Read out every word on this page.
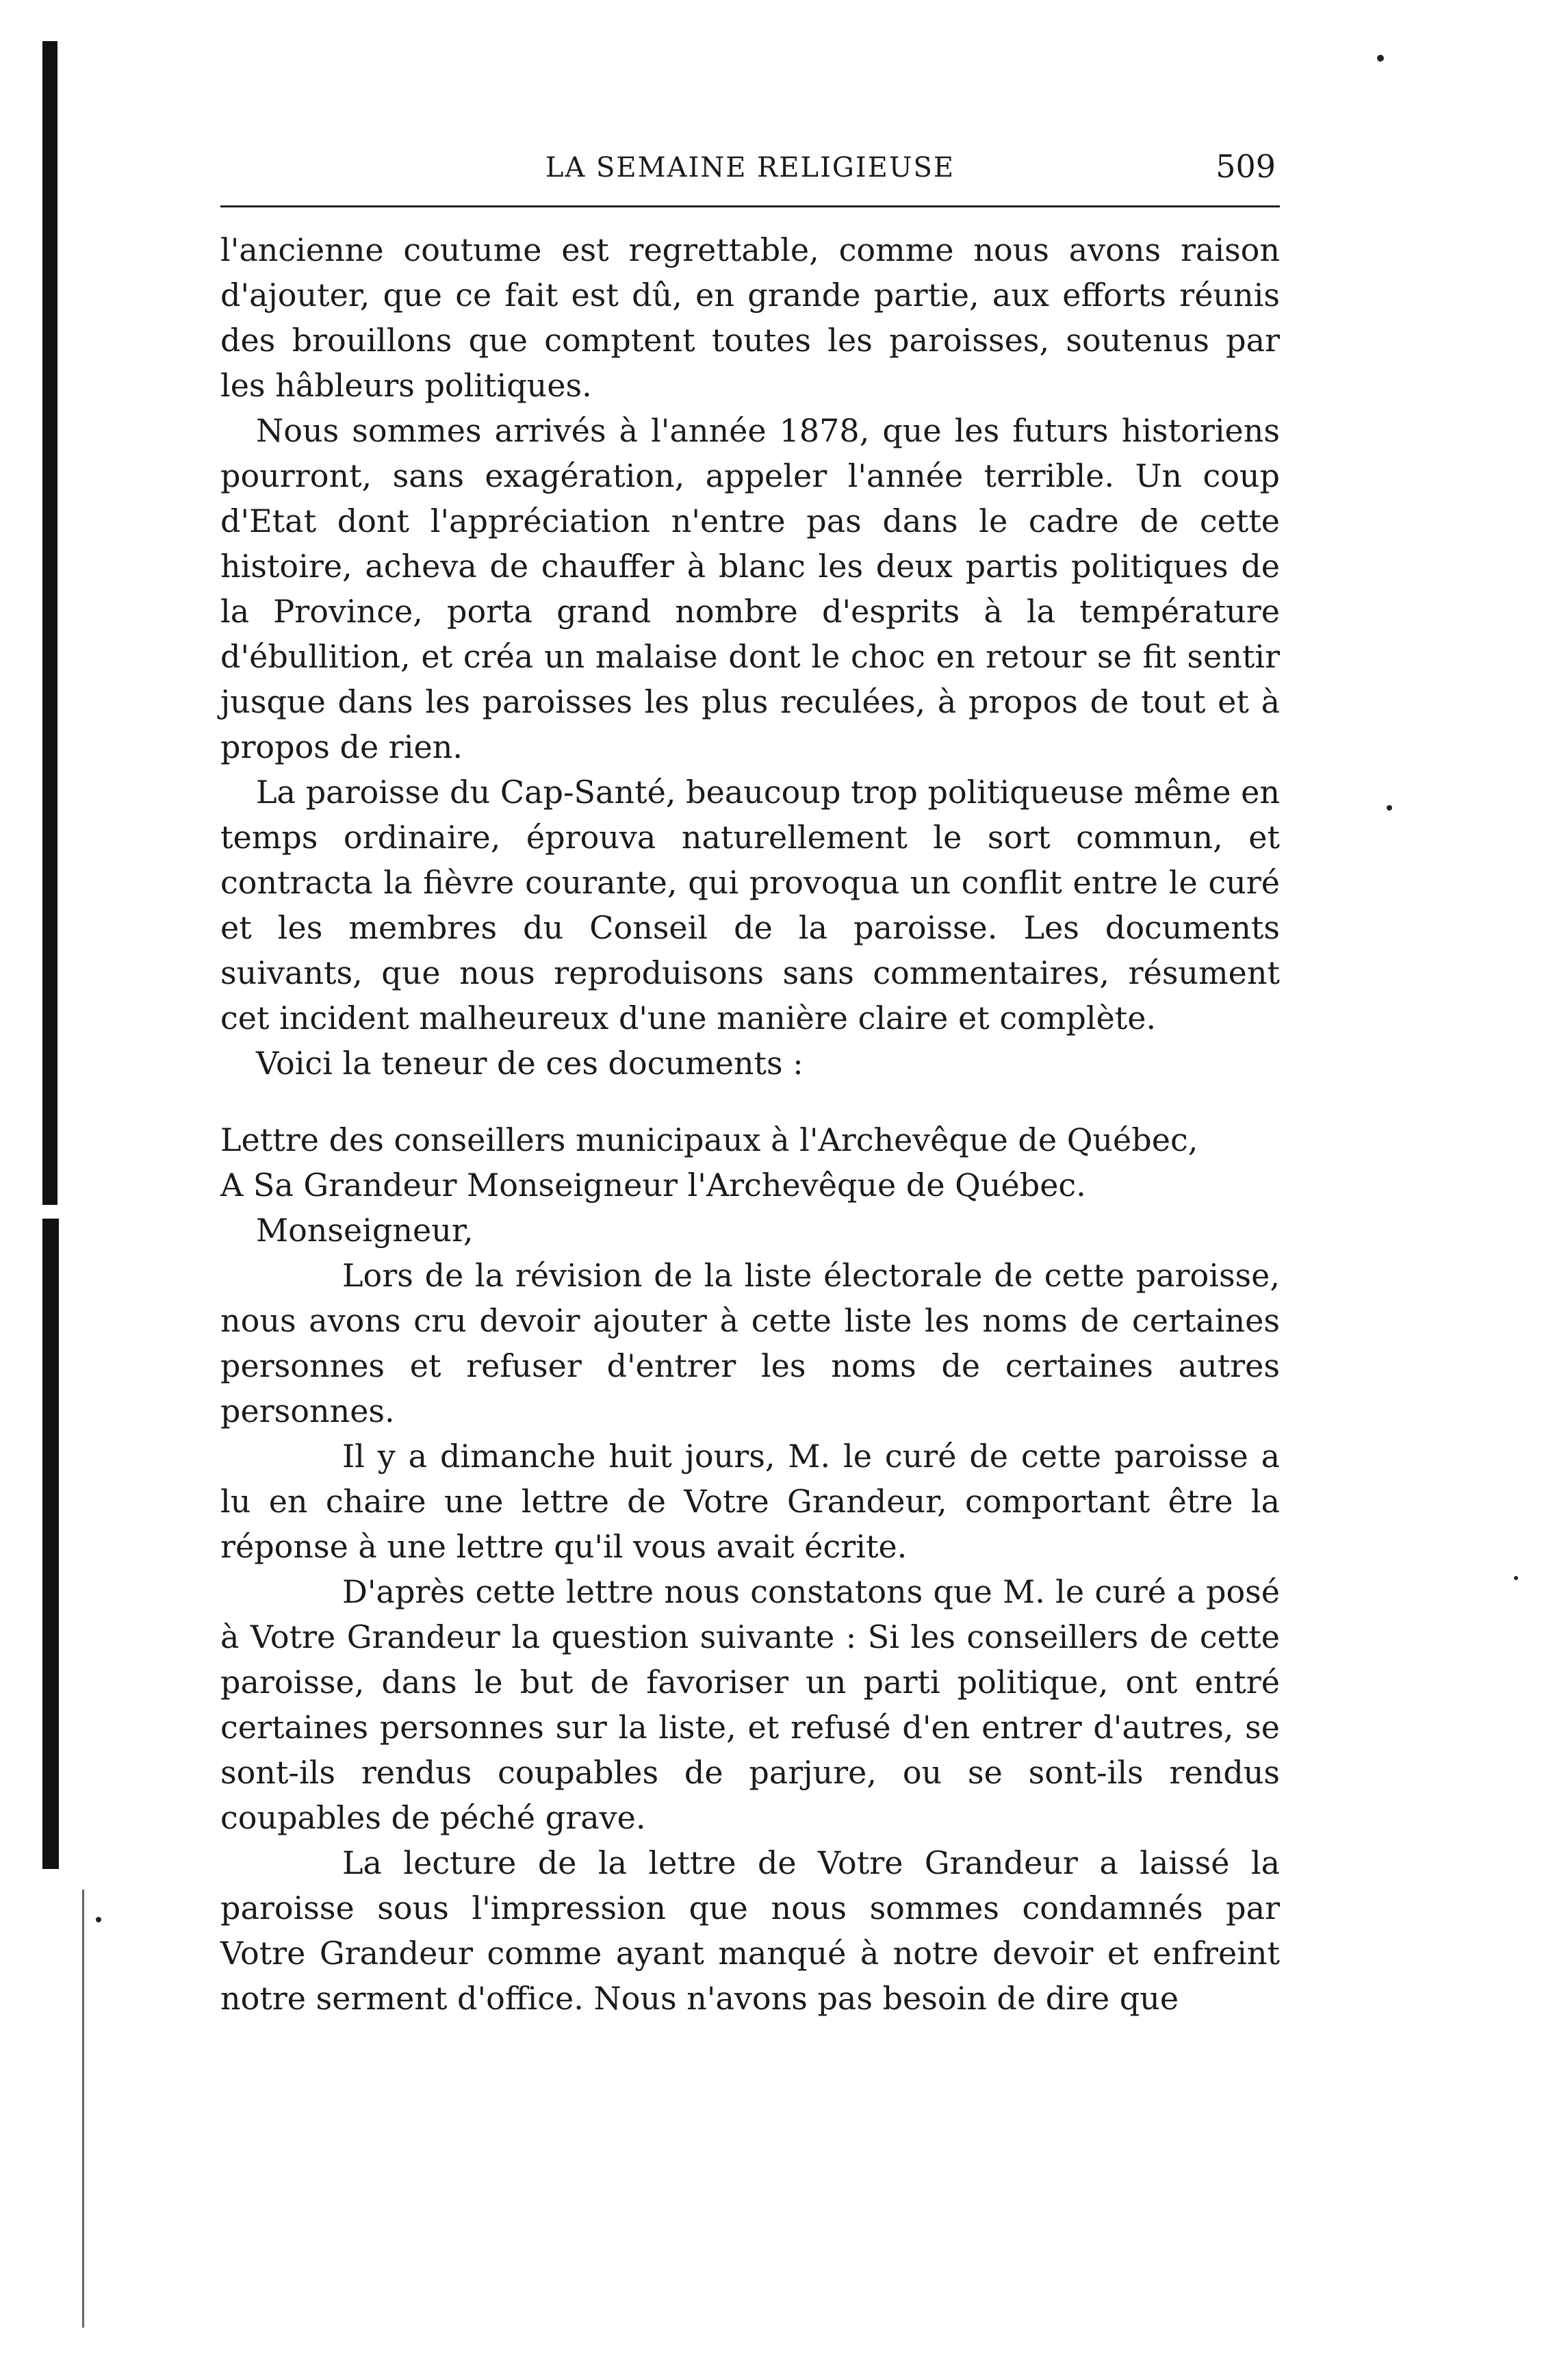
LA SEMAINE RELIGIEUSE	509

l'ancienne coutume est regrettable, comme nous avons raison d'ajouter, que ce fait est dû, en grande partie, aux efforts réunis des brouillons que comptent toutes les paroisses, soutenus par les hâbleurs politiques.

Nous sommes arrivés à l'année 1878, que les futurs historiens pourront, sans exagération, appeler l'année terrible. Un coup d'Etat dont l'appréciation n'entre pas dans le cadre de cette histoire, acheva de chauffer à blanc les deux partis politiques de la Province, porta grand nombre d'esprits à la température d'ébullition, et créa un malaise dont le choc en retour se fit sentir jusque dans les paroisses les plus reculées, à propos de tout et à propos de rien.

La paroisse du Cap-Santé, beaucoup trop politiqueuse même en temps ordinaire, éprouva naturellement le sort commun, et contracta la fièvre courante, qui provoqua un conflit entre le curé et les membres du Conseil de la paroisse. Les documents suivants, que nous reproduisons sans commentaires, résument cet incident malheureux d'une manière claire et complète.

Voici la teneur de ces documents :

Lettre des conseillers municipaux à l'Archevêque de Québec,

A Sa Grandeur Monseigneur l'Archevêque de Québec.

Monseigneur,

Lors de la révision de la liste électorale de cette paroisse, nous avons cru devoir ajouter à cette liste les noms de certaines personnes et refuser d'entrer les noms de certaines autres personnes.

Il y a dimanche huit jours, M. le curé de cette paroisse a lu en chaire une lettre de Votre Grandeur, comportant être la réponse à une lettre qu'il vous avait écrite.

D'après cette lettre nous constatons que M. le curé a posé à Votre Grandeur la question suivante : Si les conseillers de cette paroisse, dans le but de favoriser un parti politique, ont entré certaines personnes sur la liste, et refusé d'en entrer d'autres, se sont-ils rendus coupables de parjure, ou se sont-ils rendus coupables de péché grave.

La lecture de la lettre de Votre Grandeur a laissé la paroisse sous l'impression que nous sommes condamnés par Votre Grandeur comme ayant manqué à notre devoir et enfreint notre serment d'office. Nous n'avons pas besoin de dire que
